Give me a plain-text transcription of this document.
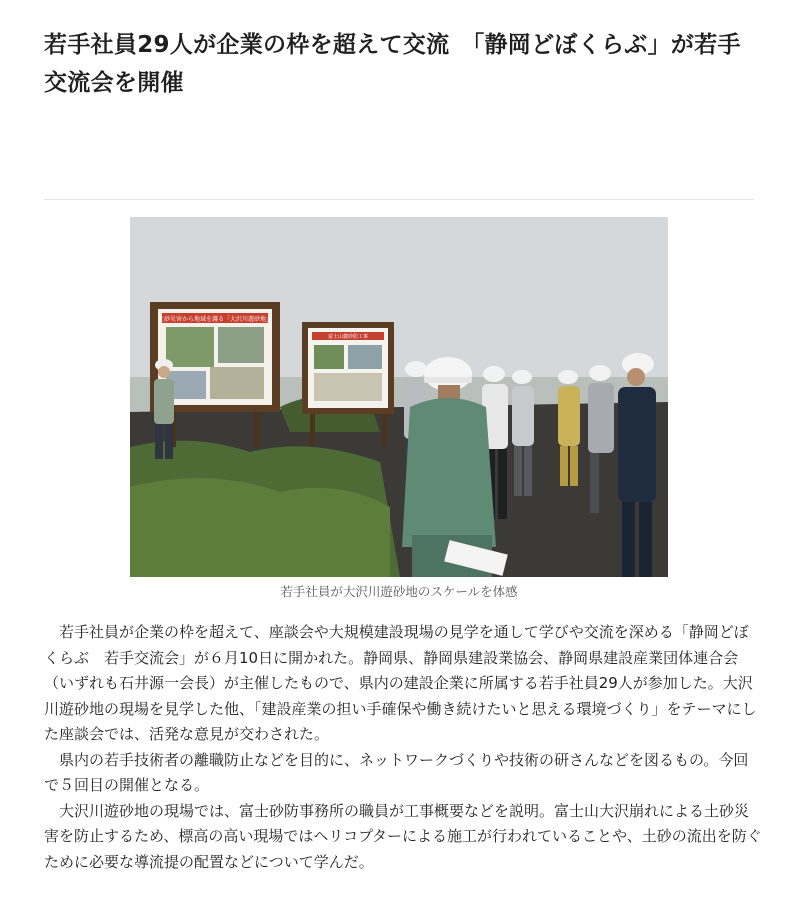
若手社員29人が企業の枠を超えて交流　「静岡どぼくらぶ」が若手交流会を開催
土砂災害から地域を護る「大沢川遊砂地」
富士山麓砂防工事
若手社員が大沢川遊砂地のスケールを体感

若手社員が企業の枠を超えて、座談会や大規模建設現場の見学を通して学びや交流を深める「静岡どぼくらぶ　若手交流会」が６月10日に開かれた。静岡県、静岡県建設業協会、静岡県建設産業団体連合会（いずれも石井源一会長）が主催したもので、県内の建設企業に所属する若手社員29人が参加した。大沢川遊砂地の現場を見学した他、「建設産業の担い手確保や働き続けたいと思える環境づくり」をテーマにした座談会では、活発な意見が交わされた。

県内の若手技術者の離職防止などを目的に、ネットワークづくりや技術の研さんなどを図るもの。今回で５回目の開催となる。

大沢川遊砂地の現場では、富士砂防事務所の職員が工事概要などを説明。富士山大沢崩れによる土砂災害を防止するため、標高の高い現場ではヘリコプターによる施工が行われていることや、土砂の流出を防ぐために必要な導流提の配置などについて学んだ。
